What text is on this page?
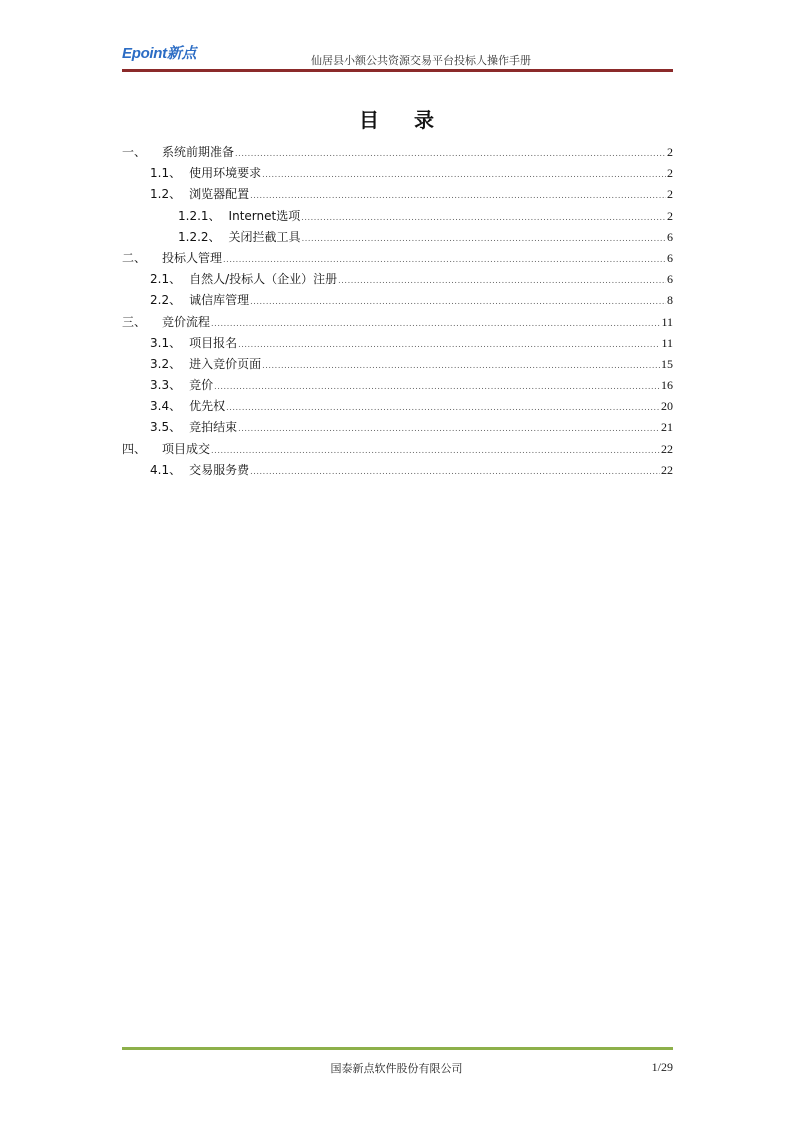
Epoint新点	仙居县小额公共资源交易平台投标人操作手册
目 录
一、 系统前期准备 .....	2
1.1、 使用环境要求 .....	2
1.2、 浏览器配置 .....	2
1.2.1、 Internet选项 .....	2
1.2.2、 关闭拦截工具 .....	6
二、 投标人管理 .....	6
2.1、 自然人/投标人（企业）注册 .....	6
2.2、 诚信库管理 .....	8
三、 竞价流程 .....	11
3.1、 项目报名 .....	11
3.2、 进入竞价页面 .....	15
3.3、 竞价 .....	16
3.4、 优先权 .....	20
3.5、 竞拍结束 .....	21
四、 项目成交 .....	22
4.1、 交易服务费 .....	22
国泰新点软件股份有限公司	1/29
